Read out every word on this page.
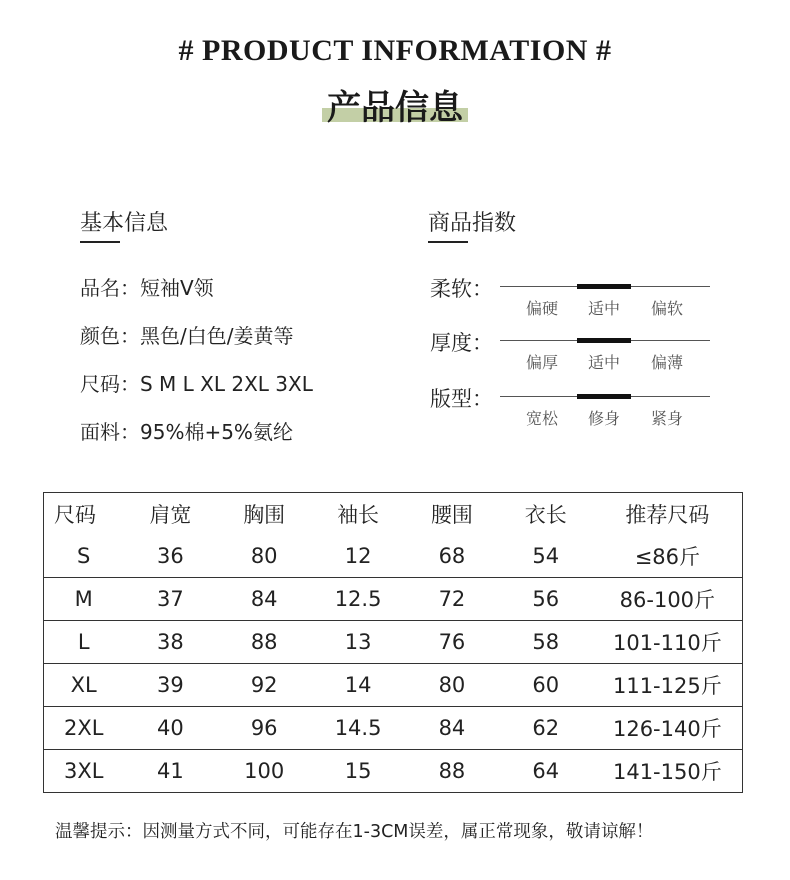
# PRODUCT INFORMATION #
产品信息
基本信息
品名：短袖V领
颜色：黑色/白色/姜黄等
尺码：S M L XL 2XL 3XL
面料：95%棉+5%氨纶
商品指数
柔软：
偏硬	适中	偏软
厚度：
偏厚	适中	偏薄
版型：
宽松	修身	紧身
尺码	肩宽	胸围	袖长	腰围	衣长	推荐尺码
S	36	80	12	68	54	≤86斤
M	37	84	12.5	72	56	86-100斤
L	38	88	13	76	58	101-110斤
XL	39	92	14	80	60	111-125斤
2XL	40	96	14.5	84	62	126-140斤
3XL	41	100	15	88	64	141-150斤
温馨提示：因测量方式不同，可能存在1-3CM误差，属正常现象，敬请谅解！
